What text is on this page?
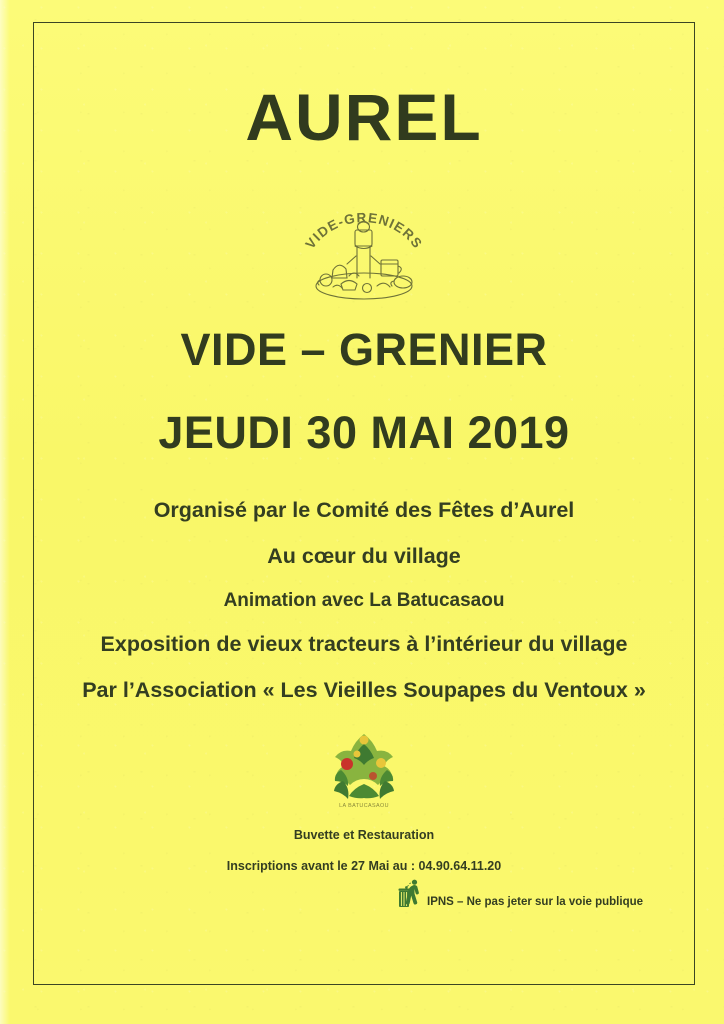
AUREL
VIDE-GRENIERS
VIDE – GRENIER
JEUDI 30 MAI 2019

Organisé par le Comité des Fêtes d’Aurel

Au cœur du village

Animation avec La Batucasaou

Exposition de vieux tracteurs à l’intérieur du village

Par l’Association « Les Vieilles Soupapes du Ventoux »

LA BATUCASAOU
Buvette et Restauration
Inscriptions avant le 27 Mai au : 04.90.64.11.20
IPNS – Ne pas jeter sur la voie publique
